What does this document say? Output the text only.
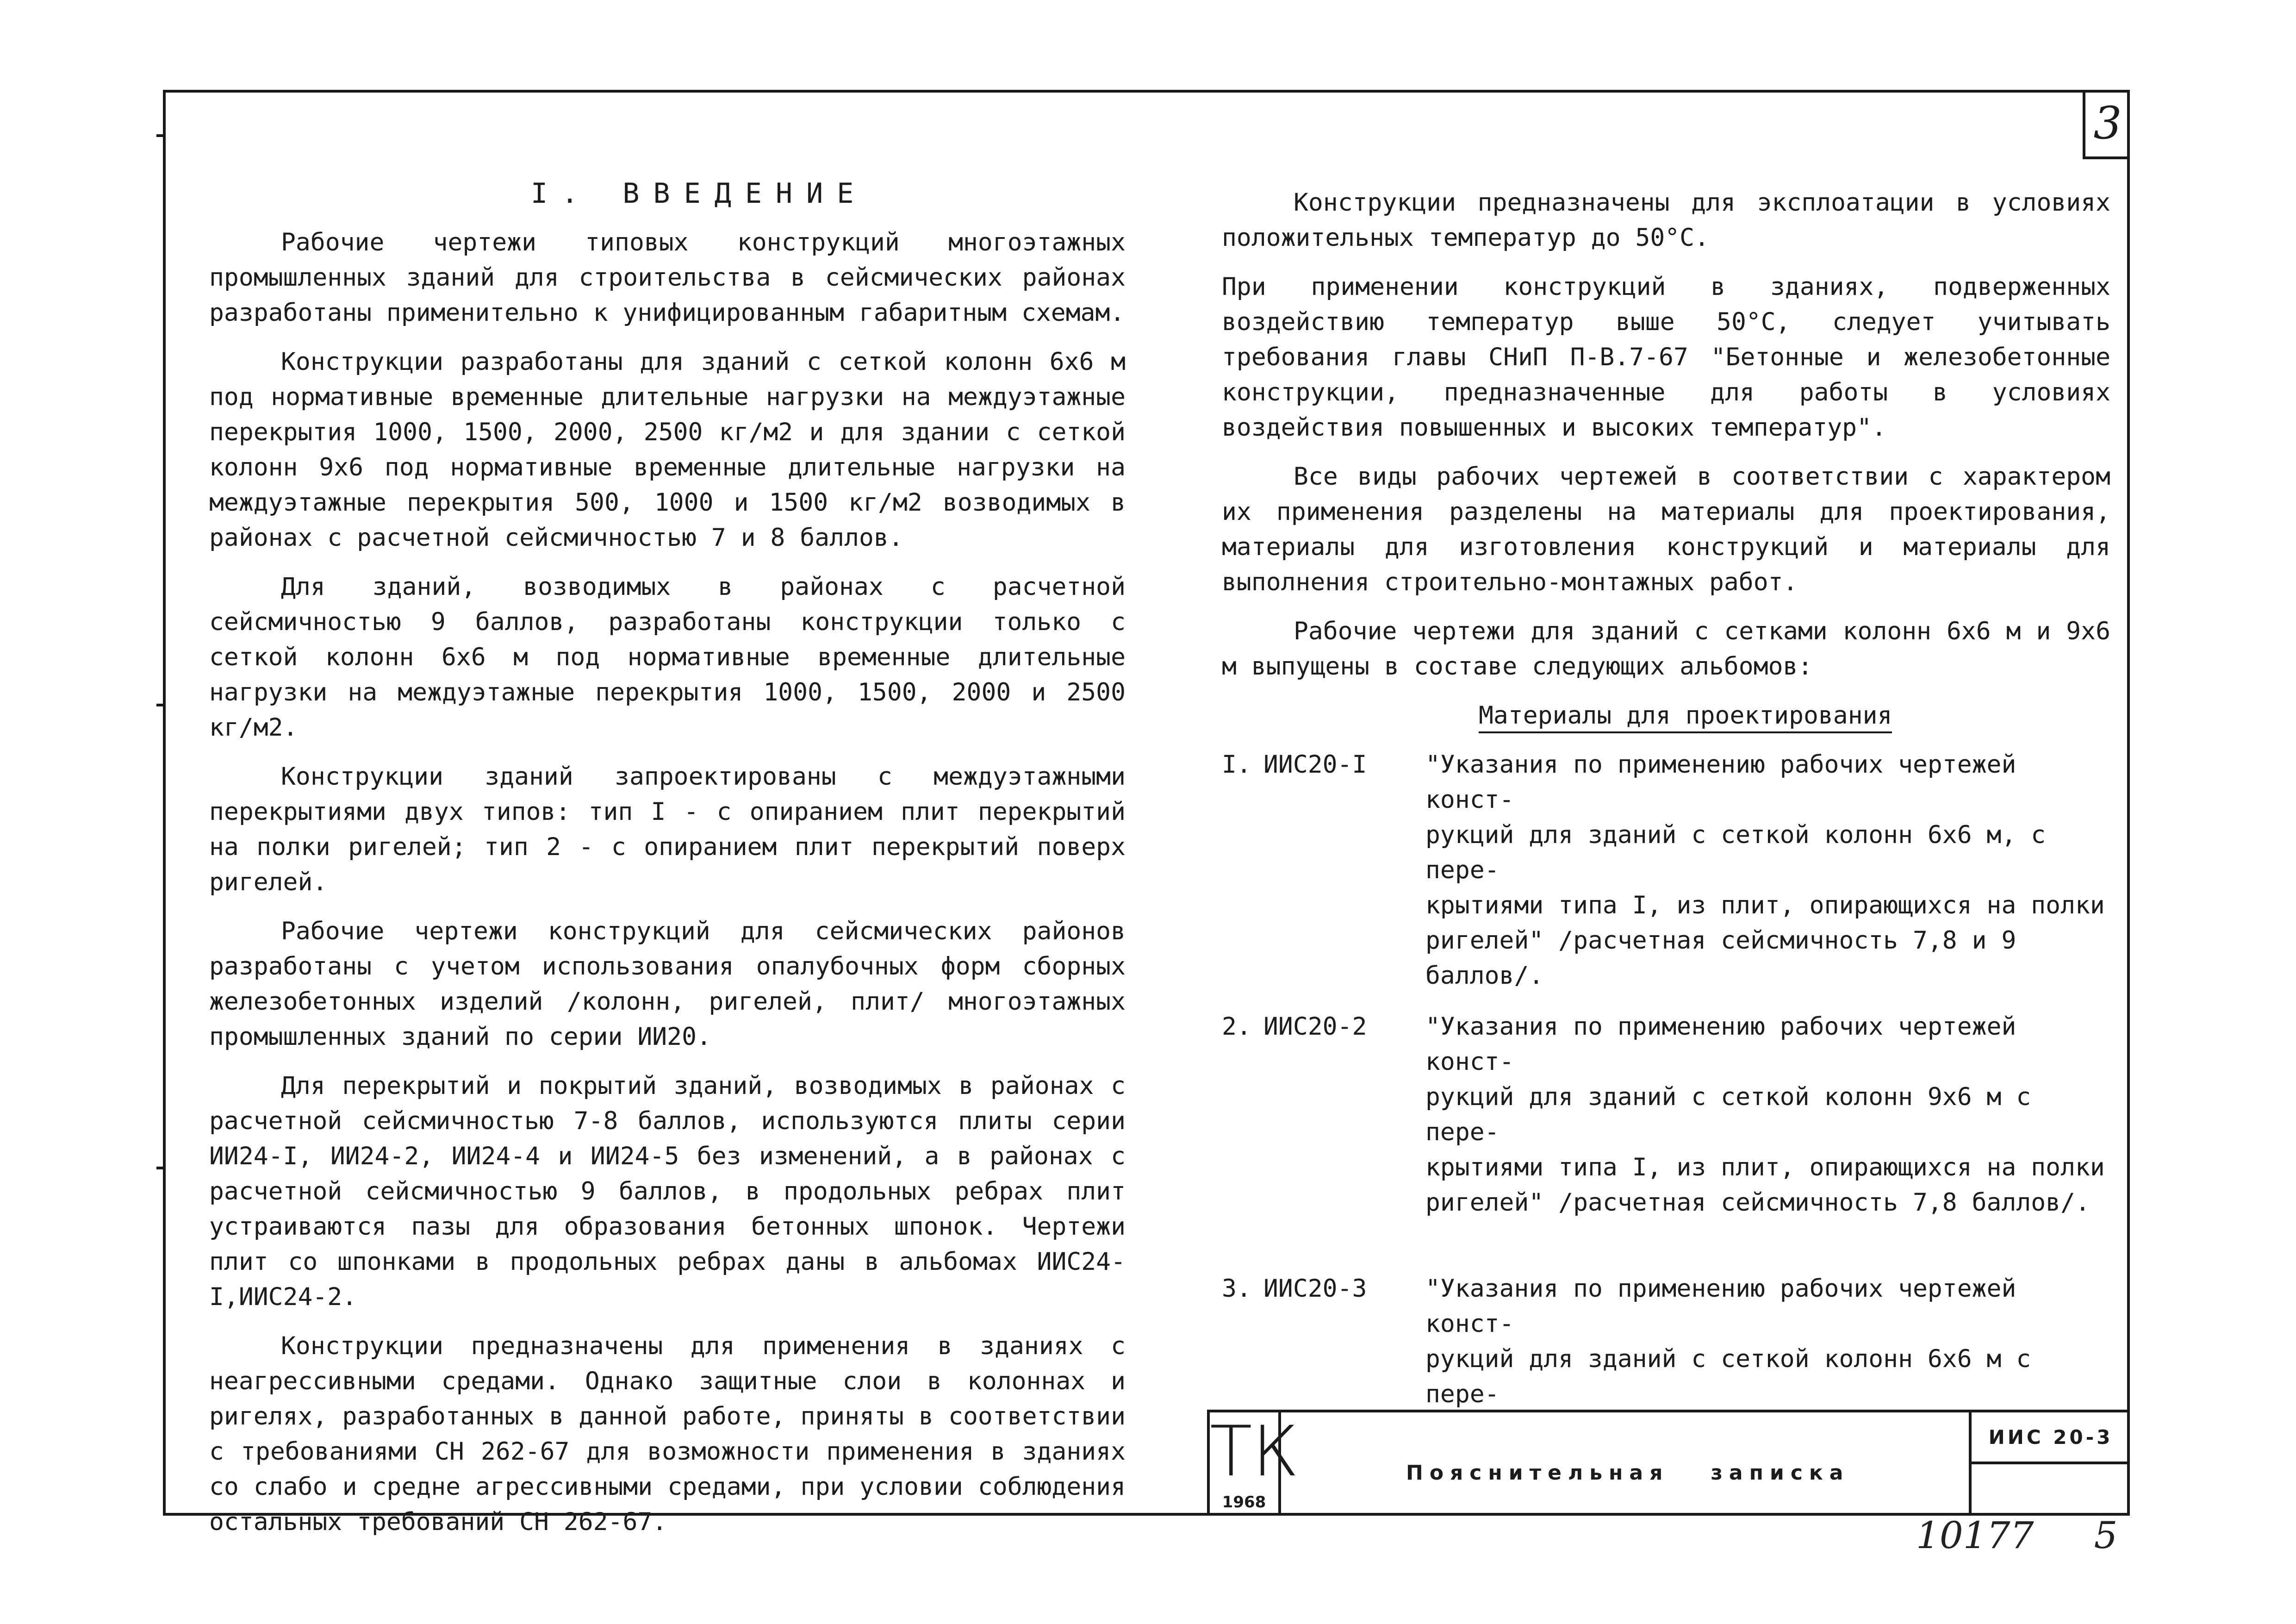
3

I. ВВЕДЕНИЕ

Рабочие чертежи типовых конструкций многоэтажных промышленных зданий для строительства в сейсмических районах разработаны применительно к унифицированным габаритным схемам.

Конструкции разработаны для зданий с сеткой колонн 6х6 м под нормативные временные длительные нагрузки на междуэтажные перекрытия 1000, 1500, 2000, 2500 кг/м2 и для здании с сеткой колонн 9х6 под нормативные временные длительные нагрузки на междуэтажные перекрытия 500, 1000 и 1500 кг/м2 возводимых в районах с расчетной сейсмичностью 7 и 8 баллов.

Для зданий, возводимых в районах с расчетной сейсмичностью 9 баллов, разработаны конструкции только с сеткой колонн 6х6 м под нормативные временные длительные нагрузки на междуэтажные перекрытия 1000, 1500, 2000 и 2500 кг/м2.

Конструкции зданий запроектированы с междуэтажными перекрытиями двух типов: тип I - с опиранием плит перекрытий на полки ригелей; тип 2 - с опиранием плит перекрытий поверх ригелей.

Рабочие чертежи конструкций для сейсмических районов разработаны с учетом использования опалубочных форм сборных железобетонных изделий /колонн, ригелей, плит/ многоэтажных промышленных зданий по серии ИИ20.

Для перекрытий и покрытий зданий, возводимых в районах с расчетной сейсмичностью 7-8 баллов, используются плиты серии ИИ24-I, ИИ24-2, ИИ24-4 и ИИ24-5 без изменений, а в районах с расчетной сейсмичностью 9 баллов, в продольных ребрах плит устраиваются пазы для образования бетонных шпонок. Чертежи плит со шпонками в продольных ребрах даны в альбомах ИИС24-I,ИИС24-2.

Конструкции предназначены для применения в зданиях с неагрессивными средами. Однако защитные слои в колоннах и ригелях, разработанных в данной работе, приняты в соответствии с требованиями СН 262-67 для возможности применения в зданиях со слабо и средне агрессивными средами, при условии соблюдения остальных требований СН 262-67.

Конструкции предназначены для эксплоатации в условиях положительных температур до 50°С.

При применении конструкций в зданиях, подверженных воздействию температур выше 50°С, следует учитывать требования главы СНиП П-В.7-67 "Бетонные и железобетонные конструкции, предназначенные для работы в условиях воздействия повышенных и высоких температур".

Все виды рабочих чертежей в соответствии с характером их применения разделены на материалы для проектирования, материалы для изготовления конструкций и материалы для выполнения строительно-монтажных работ.

Рабочие чертежи для зданий с сетками колонн 6х6 м и 9х6 м выпущены в составе следующих альбомов:

Материалы для проектирования

I. ИИС20-I	"Указания по применению рабочих чертежей конст-
рукций для зданий с сеткой колонн 6х6 м, с пере-
крытиями типа I, из плит, опирающихся на полки
ригелей" /расчетная сейсмичность 7,8 и 9 баллов/.
2. ИИС20-2	"Указания по применению рабочих чертежей конст-
рукций для зданий с сеткой колонн 9х6 м с пере-
крытиями типа I, из плит, опирающихся на полки
ригелей" /расчетная сейсмичность 7,8 баллов/.
3. ИИС20-3	"Указания по применению рабочих чертежей конст-
рукций для зданий с сеткой колонн 6х6 м с пере-
ТК
1968
Пояснительная записка
ИИС 20-3
10177 5
